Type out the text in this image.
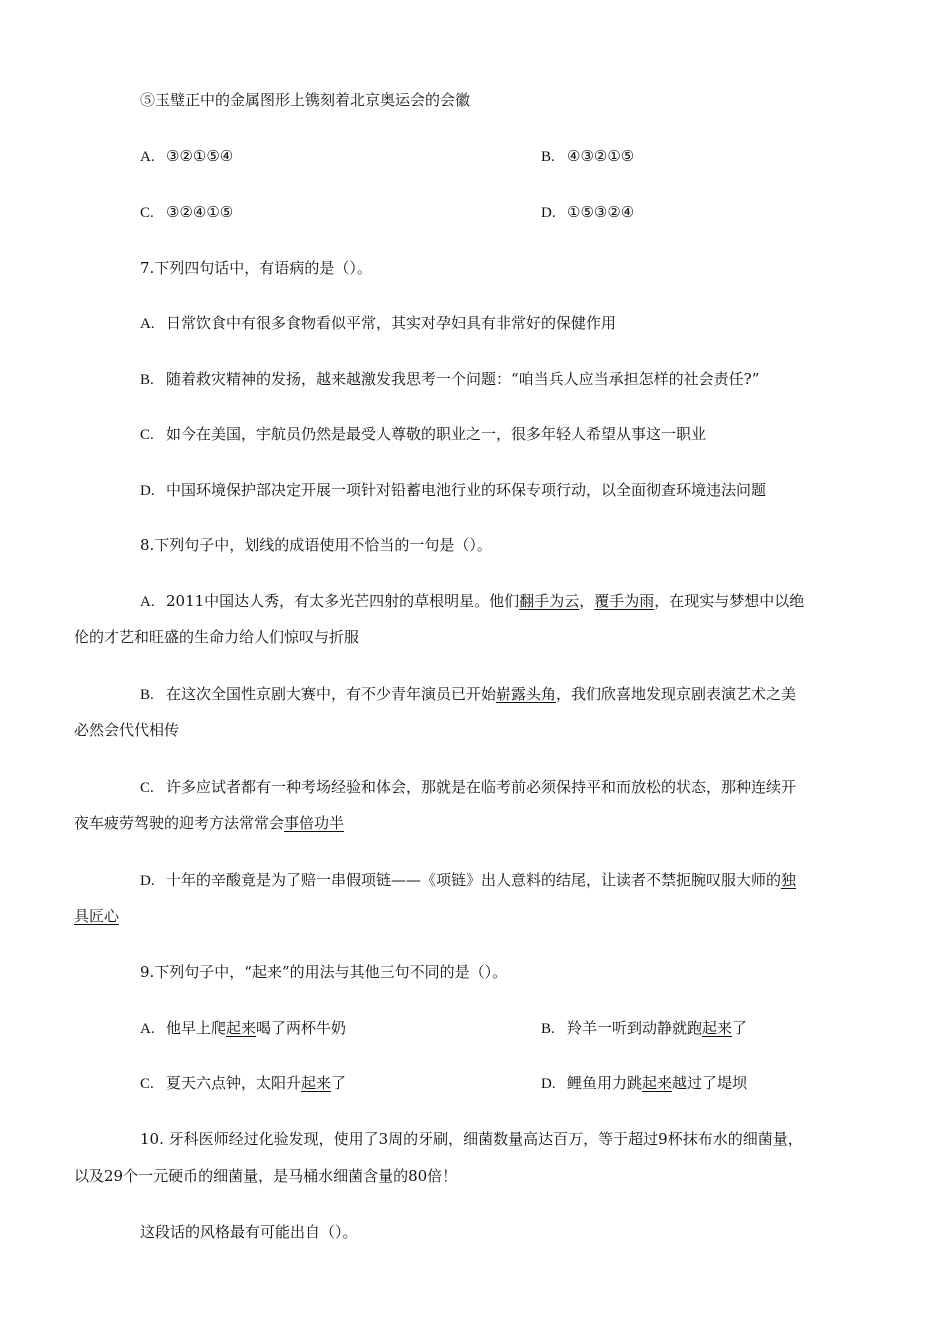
⑤玉璧正中的金属图形上镌刻着北京奥运会的会徽
A. ③②①⑤④	B. ④③②①⑤
C. ③②④①⑤	D. ①⑤③②④
7.下列四句话中，有语病的是（）。
A. 日常饮食中有很多食物看似平常，其实对孕妇具有非常好的保健作用
B. 随着救灾精神的发扬，越来越激发我思考一个问题：“咱当兵人应当承担怎样的社会责任?”
C. 如今在美国，宇航员仍然是最受人尊敬的职业之一，很多年轻人希望从事这一职业
D. 中国环境保护部决定开展一项针对铅蓄电池行业的环保专项行动，以全面彻查环境违法问题
8.下列句子中，划线的成语使用不恰当的一句是（）。
A. 2011中国达人秀，有太多光芒四射的草根明星。他们翻手为云，覆手为雨，在现实与梦想中以绝
伦的才艺和旺盛的生命力给人们惊叹与折服
B. 在这次全国性京剧大赛中，有不少青年演员已开始崭露头角，我们欣喜地发现京剧表演艺术之美
必然会代代相传
C. 许多应试者都有一种考场经验和体会，那就是在临考前必须保持平和而放松的状态，那种连续开
夜车疲劳驾驶的迎考方法常常会事倍功半
D. 十年的辛酸竟是为了赔一串假项链——《项链》出人意料的结尾，让读者不禁扼腕叹服大师的独
具匠心
9.下列句子中，“起来”的用法与其他三句不同的是（）。
A. 他早上爬起来喝了两杯牛奶	B. 羚羊一听到动静就跑起来了
C. 夏天六点钟，太阳升起来了	D. 鲤鱼用力跳起来越过了堤坝
10. 牙科医师经过化验发现，使用了3周的牙刷，细菌数量高达百万，等于超过9杯抹布水的细菌量，
以及29个一元硬币的细菌量，是马桶水细菌含量的80倍！
这段话的风格最有可能出自（）。
